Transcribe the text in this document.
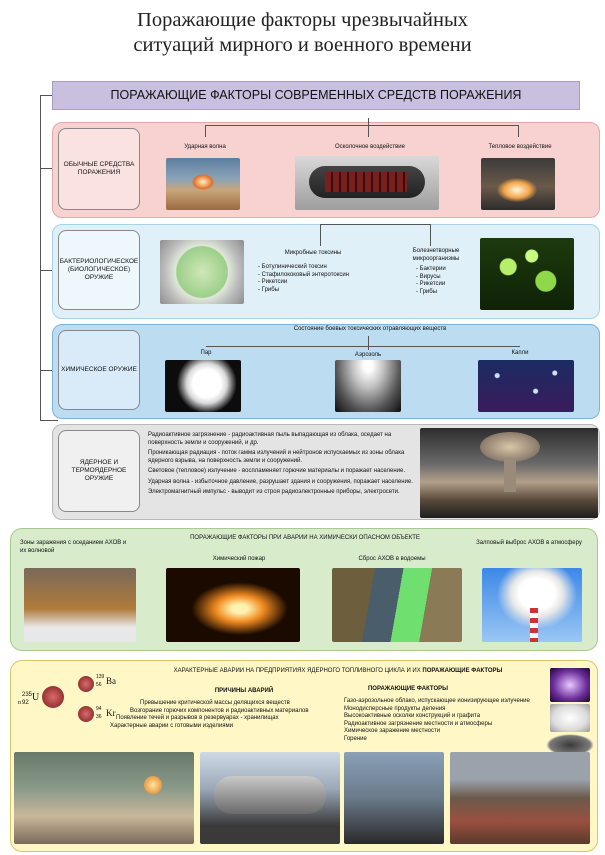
Поражающие факторы чрезвычайных
ситуаций мирного и военного времени
ПОРАЖАЮЩИЕ ФАКТОРЫ СОВРЕМЕННЫХ СРЕДСТВ ПОРАЖЕНИЯ
ОБЫЧНЫЕ СРЕДСТВА ПОРАЖЕНИЯ
Ударная волна	Осколочное воздействие	Тепловое воздействие
БАКТЕРИОЛОГИЧЕСКОЕ (БИОЛОГИЧЕСКОЕ) ОРУЖИЕ
Микробные токсины
- Ботулинический токсин
- Стафилококовый энтеротоксин
- Рикетсии
- Грибы
Болезнетворные микроорганизмы
- Бактерии
- Вирусы
- Рикетсии
- Грибы
ХИМИЧЕСКОЕ ОРУЖИЕ
Состояние боевых токсических отравляющих веществ
Пар	Аэрозоль	Капли
ЯДЕРНОЕ И ТЕРМОЯДЕРНОЕ ОРУЖИЕ
Радиоактивное загрязнение - радиоактивная пыль выпадающая из облака, оседает на поверхность земли и сооружений, и др.
Проникающая радиация - поток гамма излучений и нейтронов испускаемых из зоны облака ядерного взрыва, на поверхность земли и сооружений.
Световое (тепловое) излучение - воспламеняет горючие материалы и поражает население.
Ударная волна - избыточное давление, разрушает здания и сооружения, поражает население.
Электромагнитный импульс - выводит из строя радиоэлектронные приборы, электросети.
ПОРАЖАЮЩИЕ ФАКТОРЫ ПРИ АВАРИИ НА ХИМИЧЕСКИ ОПАСНОМ ОБЪЕКТЕ
Зоны заражения с оседанием АХОВ и их волновой
Химический пожар	Сброс АХОВ в водоемы
Залповый выброс АХОВ в атмосферу
ХАРАКТЕРНЫЕ АВАРИИ НА ПРЕДПРИЯТИЯХ ЯДЕРНОГО ТОПЛИВНОГО ЦИКЛА И ИХ ПОРАЖАЮЩИЕ ФАКТОРЫ
235
92 U
139
56 Ba
94
36 Kr
n
ПРИЧИНЫ АВАРИЙ
Превышение критической массы делящихся веществ
Возгорание горючих компонентов и радиоактивных материалов
Появление течей и разрывов в резервуарах - хранилищах
Характерные аварии с готовыми изделиями
ПОРАЖАЮЩИЕ ФАКТОРЫ
Газо-аэрозольное облако, испускающее ионизирующее излучение
Монодисперсные продукты деления
Высокоактивные осколки конструкций и графита
Радиоактивное загрязнение местности и атмосферы
Химическое заражение местности
Горение
